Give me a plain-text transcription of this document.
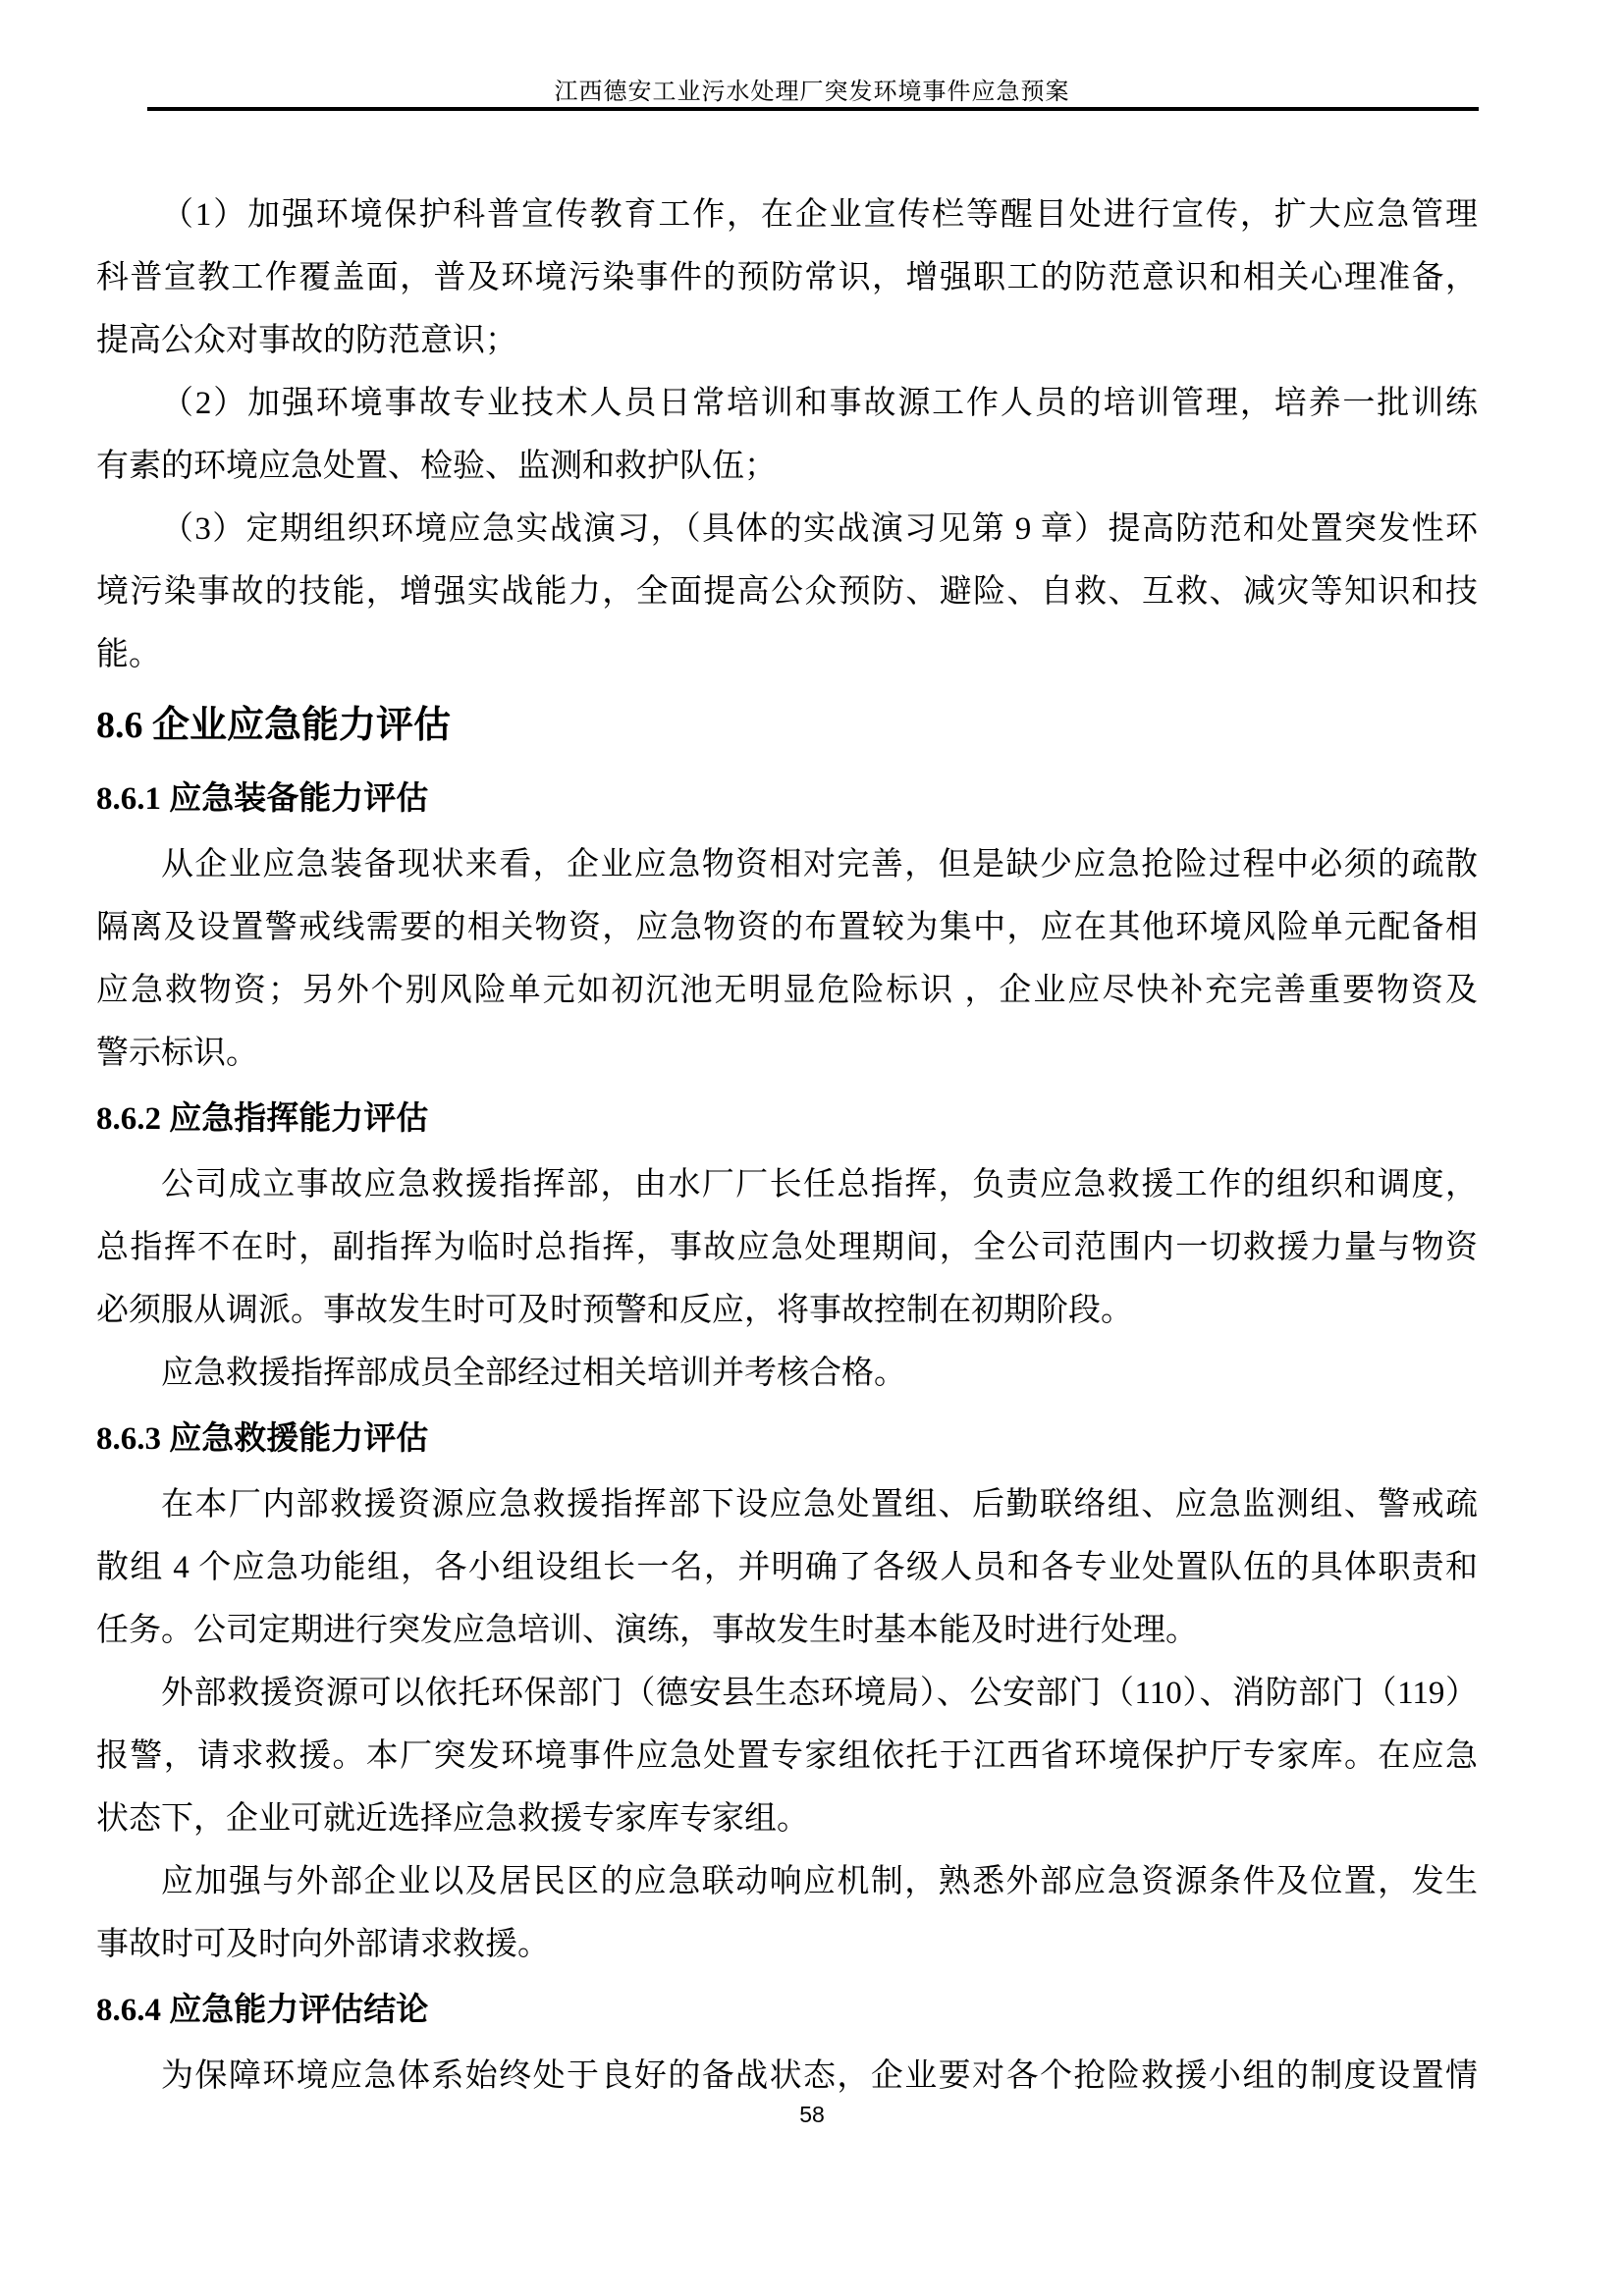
江西德安工业污水处理厂突发环境事件应急预案
（1）加强环境保护科普宣传教育工作，在企业宣传栏等醒目处进行宣传，扩大应急管理
科普宣教工作覆盖面，普及环境污染事件的预防常识，增强职工的防范意识和相关心理准备，
提高公众对事故的防范意识；
（2）加强环境事故专业技术人员日常培训和事故源工作人员的培训管理，培养一批训练
有素的环境应急处置、检验、监测和救护队伍；
（3）定期组织环境应急实战演习，（具体的实战演习见第 9 章）提高防范和处置突发性环
境污染事故的技能，增强实战能力，全面提高公众预防、避险、自救、互救、减灾等知识和技
能。
8.6 企业应急能力评估
8.6.1 应急装备能力评估
从企业应急装备现状来看，企业应急物资相对完善，但是缺少应急抢险过程中必须的疏散
隔离及设置警戒线需要的相关物资，应急物资的布置较为集中，应在其他环境风险单元配备相
应急救物资；另外个别风险单元如初沉池无明显危险标识 ，企业应尽快补充完善重要物资及
警示标识。
8.6.2 应急指挥能力评估
公司成立事故应急救援指挥部，由水厂厂长任总指挥，负责应急救援工作的组织和调度，
总指挥不在时，副指挥为临时总指挥，事故应急处理期间，全公司范围内一切救援力量与物资
必须服从调派。事故发生时可及时预警和反应，将事故控制在初期阶段。
应急救援指挥部成员全部经过相关培训并考核合格。
8.6.3 应急救援能力评估
在本厂内部救援资源应急救援指挥部下设应急处置组、后勤联络组、应急监测组、警戒疏
散组 4 个应急功能组，各小组设组长一名，并明确了各级人员和各专业处置队伍的具体职责和
任务。公司定期进行突发应急培训、演练，事故发生时基本能及时进行处理。
外部救援资源可以依托环保部门（德安县生态环境局）、公安部门（110）、消防部门（119）
报警，请求救援。本厂突发环境事件应急处置专家组依托于江西省环境保护厅专家库。在应急
状态下，企业可就近选择应急救援专家库专家组。
应加强与外部企业以及居民区的应急联动响应机制，熟悉外部应急资源条件及位置，发生
事故时可及时向外部请求救援。
8.6.4 应急能力评估结论
为保障环境应急体系始终处于良好的备战状态，企业要对各个抢险救援小组的制度设置情
58
